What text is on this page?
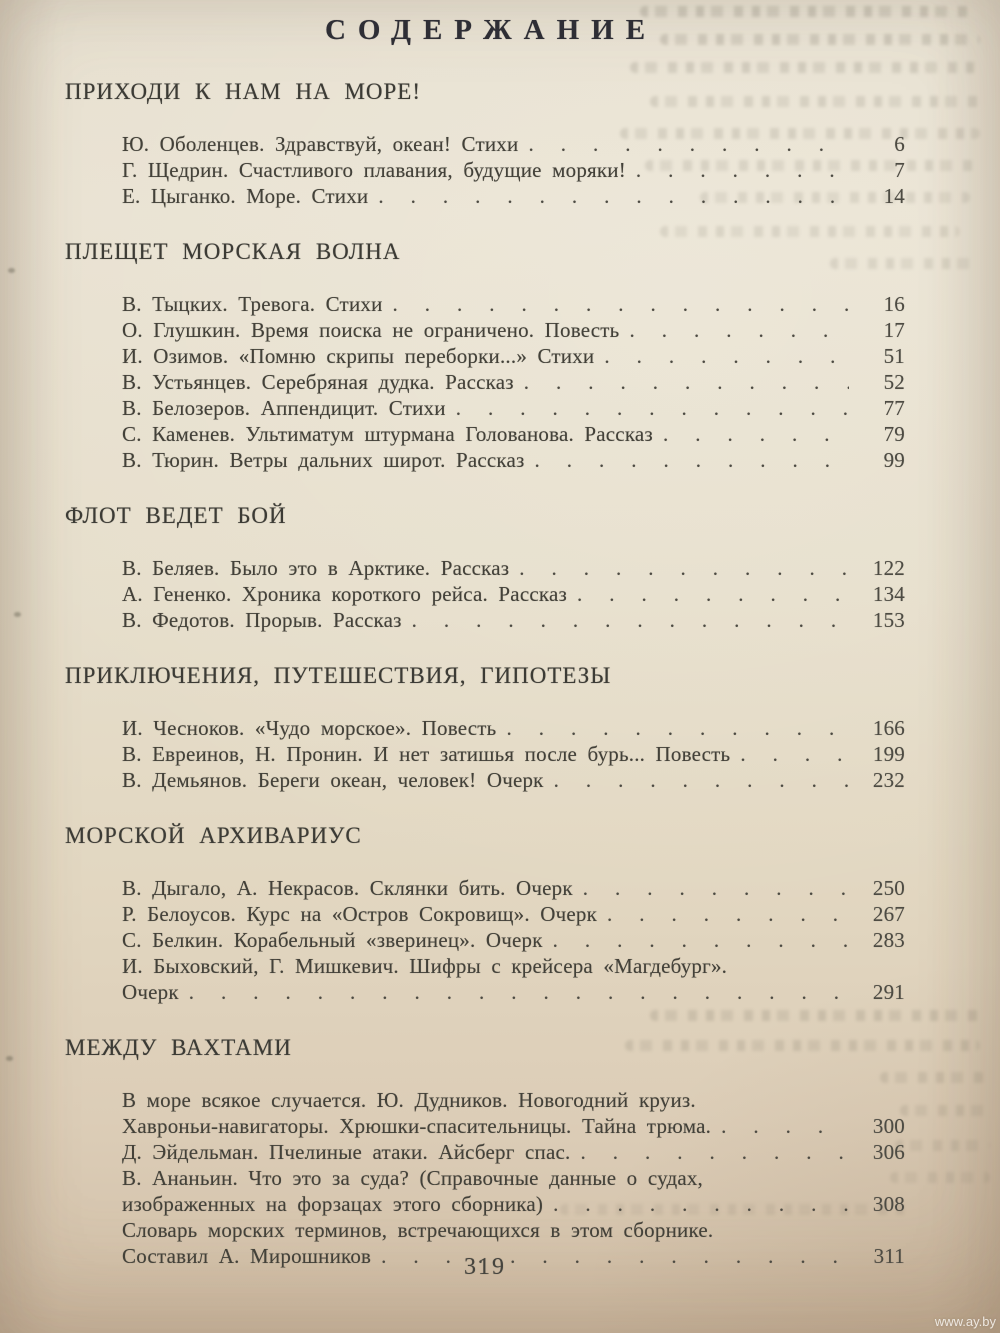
СОДЕРЖАНИЕ
ПРИХОДИ К НАМ НА МОРЕ!
Ю. Оболенцев. Здравствуй, океан! Стихи .....	6
Г. Щедрин. Счастливого плавания, будущие моряки! .....	7
Е. Цыганко. Море. Стихи .....	14
ПЛЕЩЕТ МОРСКАЯ ВОЛНА
В. Тыцких. Тревога. Стихи .....	16
О. Глушкин. Время поиска не ограничено. Повесть .....	17
И. Озимов. «Помню скрипы переборки...» Стихи .....	51
В. Устьянцев. Серебряная дудка. Рассказ .....	52
В. Белозеров. Аппендицит. Стихи .....	77
С. Каменев. Ультиматум штурмана Голованова. Рассказ .....	79
В. Тюрин. Ветры дальних широт. Рассказ .....	99
ФЛОТ ВЕДЕТ БОЙ
В. Беляев. Было это в Арктике. Рассказ .....	122
А. Гененко. Хроника короткого рейса. Рассказ .....	134
В. Федотов. Прорыв. Рассказ .....	153
ПРИКЛЮЧЕНИЯ, ПУТЕШЕСТВИЯ, ГИПОТЕЗЫ
И. Чесноков. «Чудо морское». Повесть .....	166
В. Евреинов, Н. Пронин. И нет затишья после бурь... Повесть .....	199
В. Демьянов. Береги океан, человек! Очерк .....	232
МОРСКОЙ АРХИВАРИУС
В. Дыгало, А. Некрасов. Склянки бить. Очерк .....	250
Р. Белоусов. Курс на «Остров Сокровищ». Очерк .....	267
С. Белкин. Корабельный «зверинец». Очерк .....	283
И. Быховский, Г. Мишкевич. Шифры с крейсера «Магдебург».
Очерк .....	291
МЕЖДУ ВАХТАМИ
В море всякое случается. Ю. Дудников. Новогодний круиз.
Хавроньи-навигаторы. Хрюшки-спасительницы. Тайна трюма. .....	300
Д. Эйдельман. Пчелиные атаки. Айсберг спас. .....	306
В. Ананьин. Что это за суда? (Справочные данные о судах,
изображенных на форзацах этого сборника) .....	308
Словарь морских терминов, встречающихся в этом сборнике.
Составил А. Мирошников .....	311
319
www.ay.by
